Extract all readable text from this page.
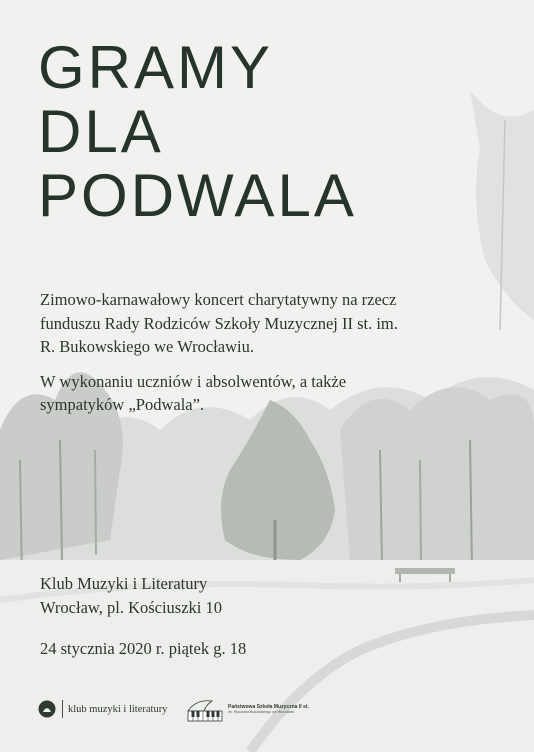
GRAMY
DLA
PODWALA

Zimowo-karnawałowy koncert charytatywny na rzecz funduszu Rady Rodziców Szkoły Muzycznej II st. im. R. Bukowskiego we Wrocławiu.

W wykonaniu uczniów i absolwentów, a także sympatyków „Podwala”.

Klub Muzyki i Literatury
Wrocław, pl. Kościuszki 10
24 stycznia 2020 r. piątek g. 18
klub muzyki i literatury	Państwowa Szkoła Muzyczna II st.
im. Ryszarda Bukowskiego we Wrocławiu
